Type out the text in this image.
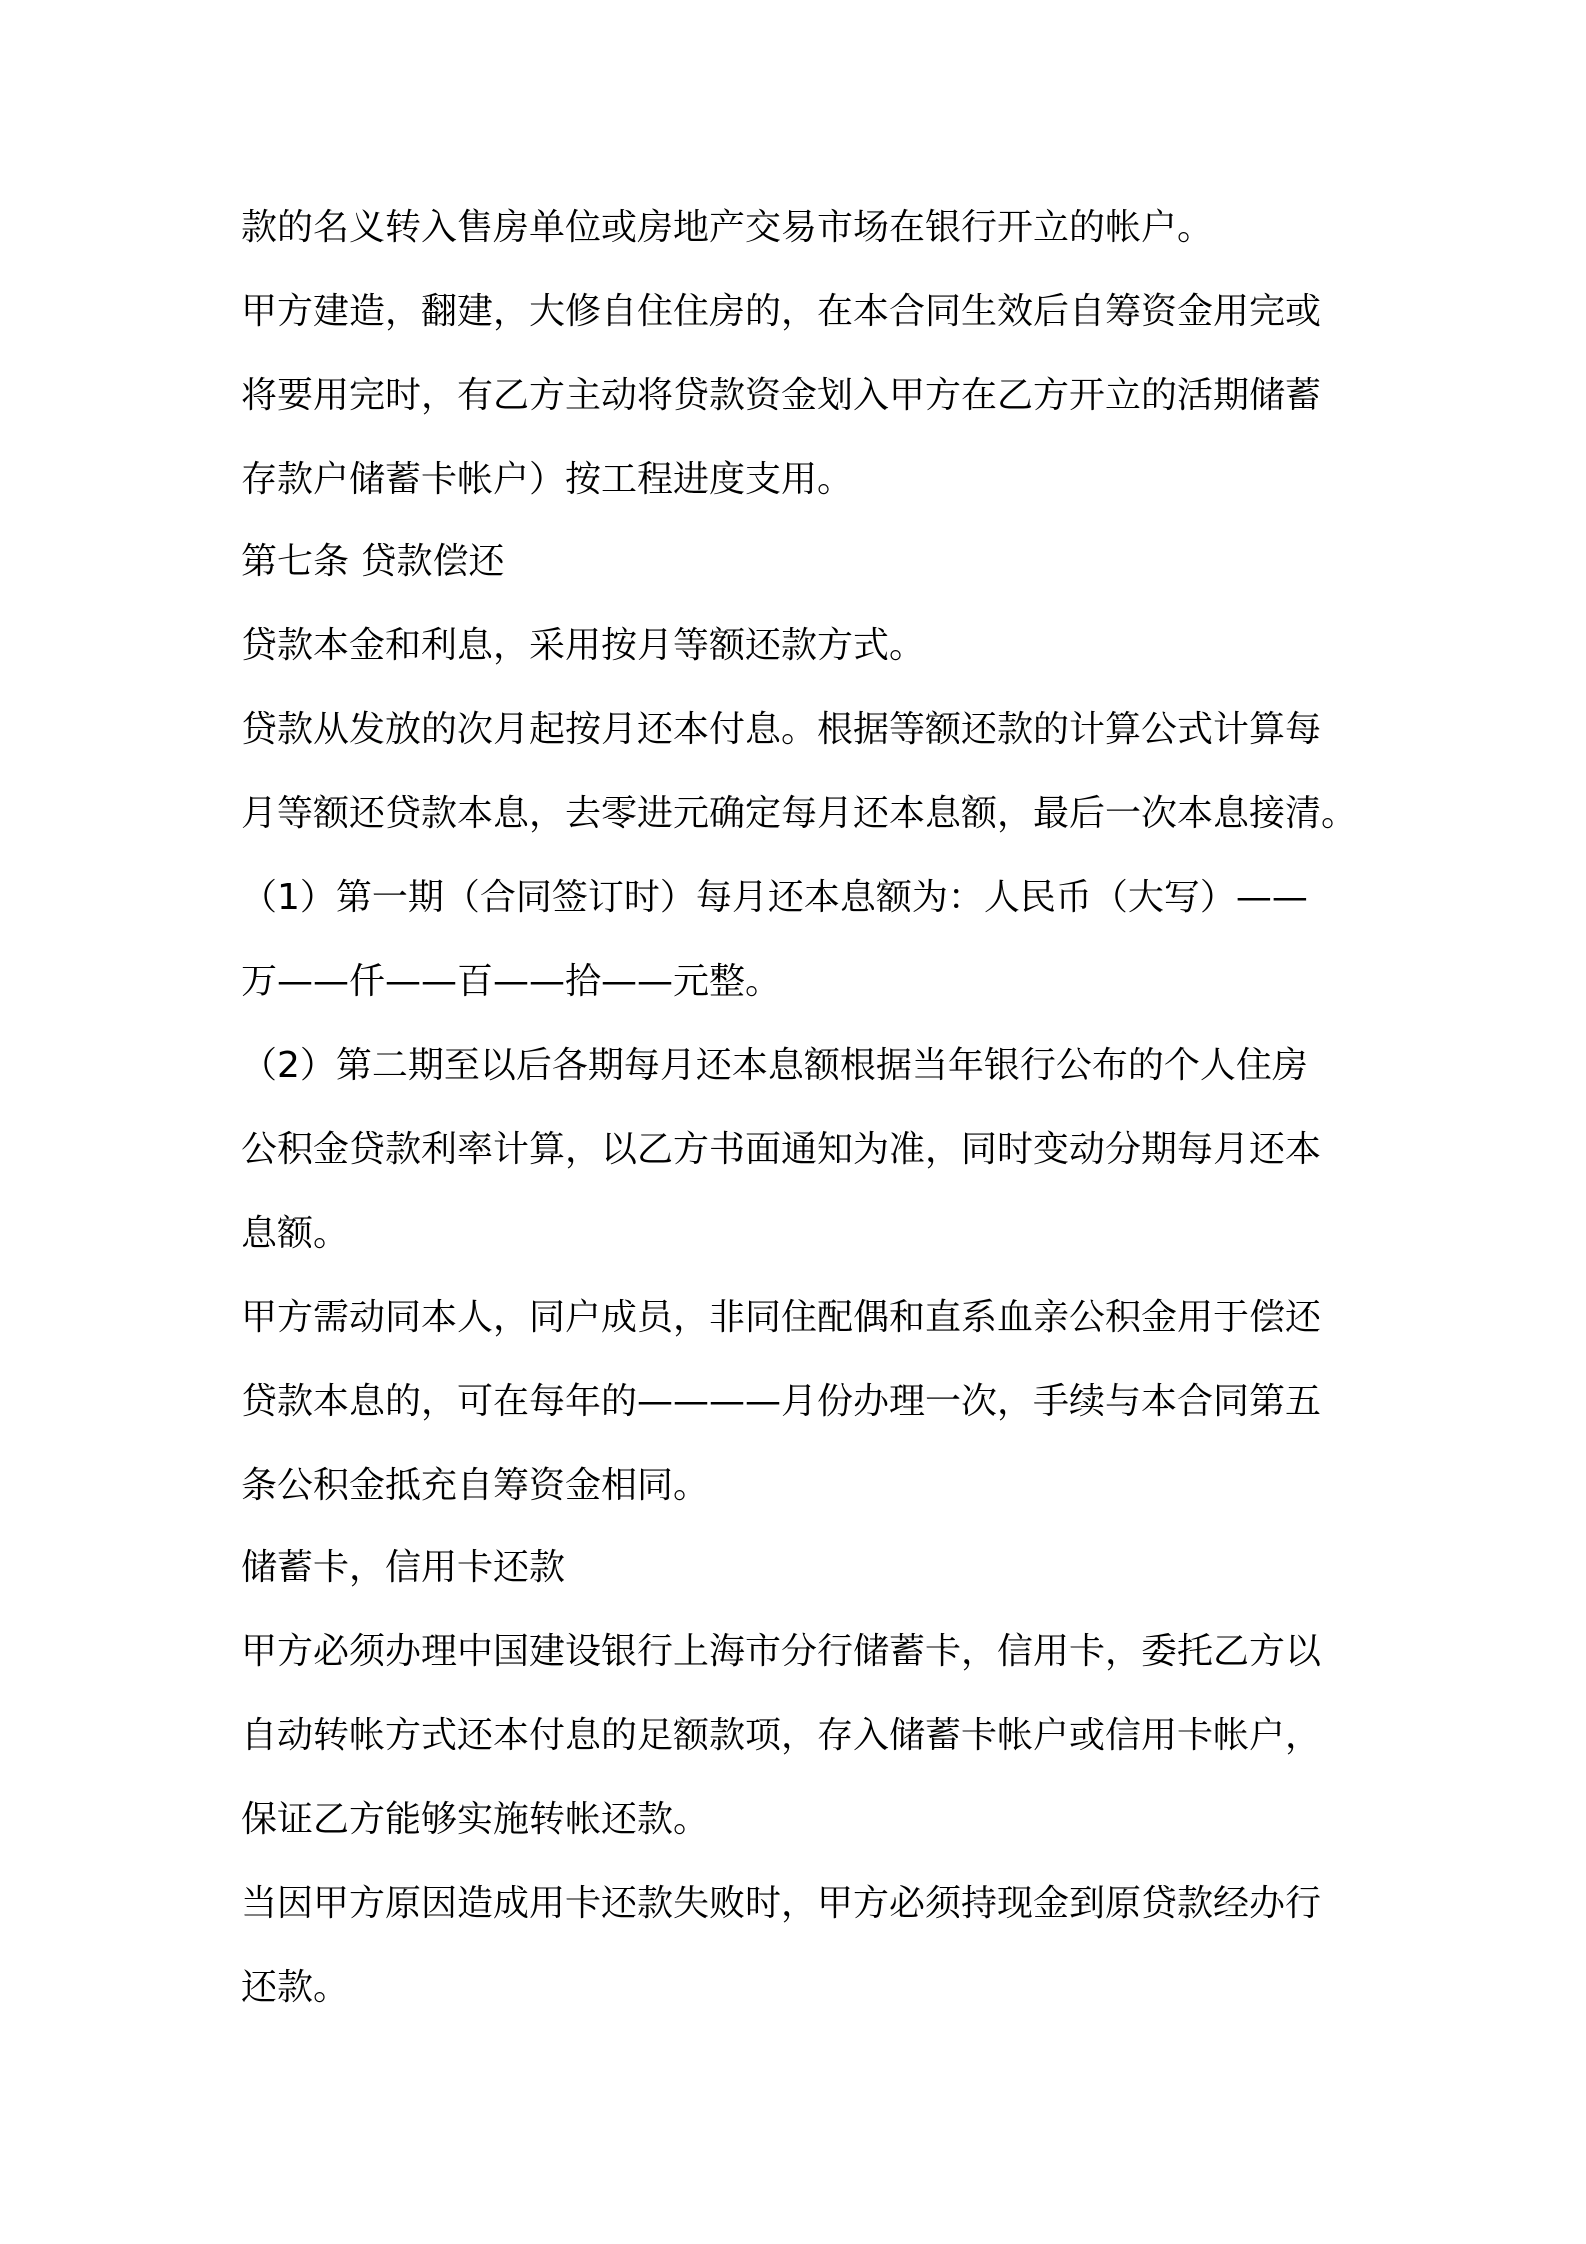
款的名义转入售房单位或房地产交易市场在银行开立的帐户。
甲方建造，翻建，大修自住住房的，在本合同生效后自筹资金用完或
将要用完时，有乙方主动将贷款资金划入甲方在乙方开立的活期储蓄
存款户储蓄卡帐户）按工程进度支用。
第七条 贷款偿还
贷款本金和利息，采用按月等额还款方式。
贷款从发放的次月起按月还本付息。根据等额还款的计算公式计算每
月等额还贷款本息，去零进元确定每月还本息额，最后一次本息接清。
（1）第一期（合同签订时）每月还本息额为：人民币（大写）——
万——仟——百——拾——元整。
（2）第二期至以后各期每月还本息额根据当年银行公布的个人住房
公积金贷款利率计算，以乙方书面通知为准，同时变动分期每月还本
息额。
甲方需动同本人，同户成员，非同住配偶和直系血亲公积金用于偿还
贷款本息的，可在每年的————月份办理一次，手续与本合同第五
条公积金抵充自筹资金相同。
储蓄卡，信用卡还款
甲方必须办理中国建设银行上海市分行储蓄卡，信用卡，委托乙方以
自动转帐方式还本付息的足额款项，存入储蓄卡帐户或信用卡帐户，
保证乙方能够实施转帐还款。
当因甲方原因造成用卡还款失败时，甲方必须持现金到原贷款经办行
还款。
